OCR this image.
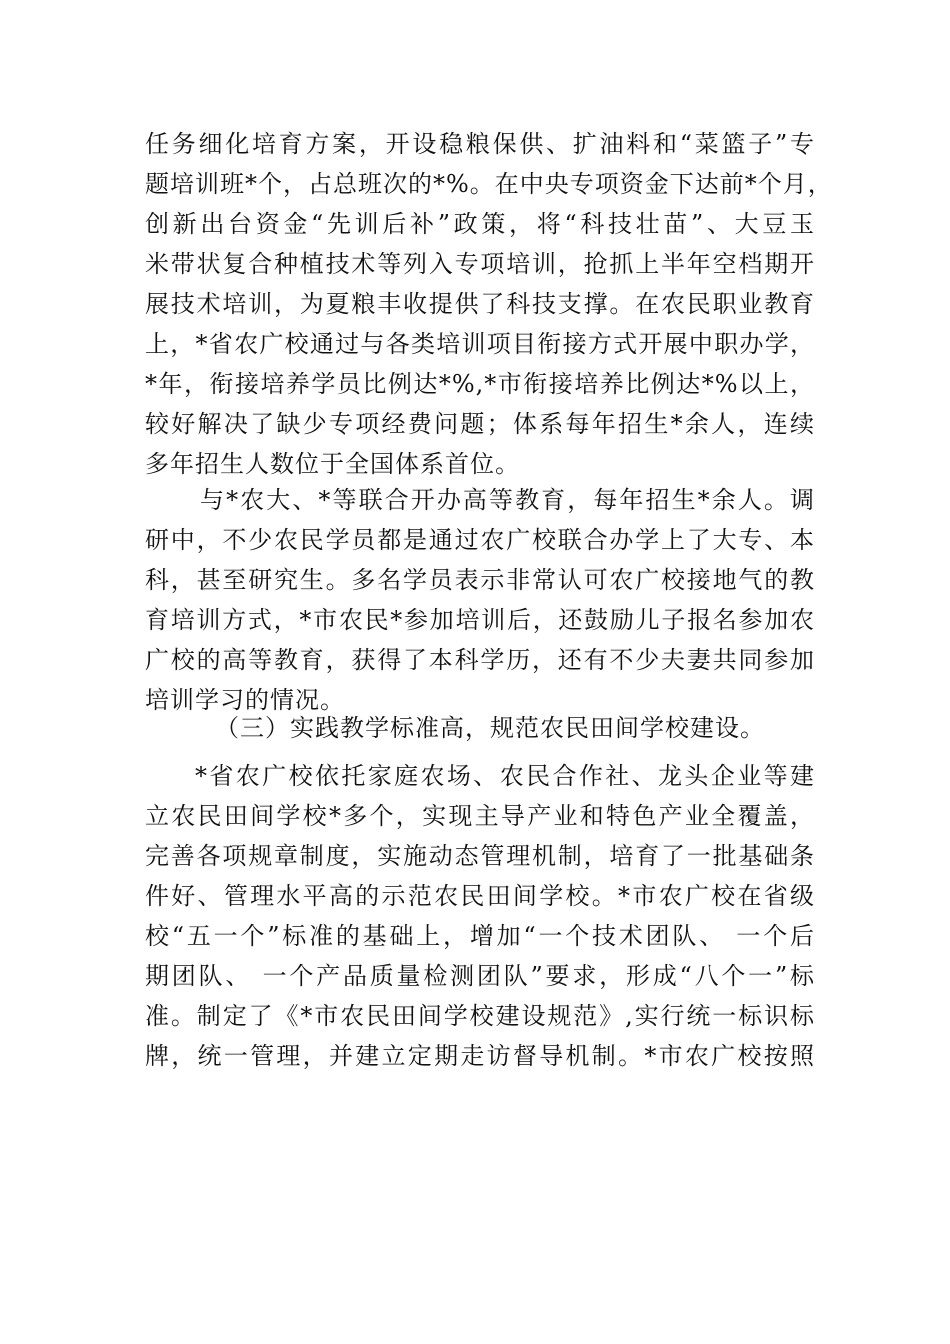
任务细化培育方案，开设稳粮保供、扩油料和“菜篮子”专
题培训班*个，占总班次的*%。在中央专项资金下达前*个月，
创新出台资金“先训后补”政策，将“科技壮苗”、大豆玉
米带状复合种植技术等列入专项培训，抢抓上半年空档期开
展技术培训，为夏粮丰收提供了科技支撑。在农民职业教育
上，*省农广校通过与各类培训项目衔接方式开展中职办学，
*年，衔接培养学员比例达*%,*市衔接培养比例达*%以上，
较好解决了缺少专项经费问题；体系每年招生*余人，连续
多年招生人数位于全国体系首位。
与*农大、*等联合开办高等教育，每年招生*余人。调
研中，不少农民学员都是通过农广校联合办学上了大专、本
科，甚至研究生。多名学员表示非常认可农广校接地气的教
育培训方式，*市农民*参加培训后，还鼓励儿子报名参加农
广校的高等教育，获得了本科学历，还有不少夫妻共同参加
培训学习的情况。
（三）实践教学标准高，规范农民田间学校建设。
*省农广校依托家庭农场、农民合作社、龙头企业等建
立农民田间学校*多个，实现主导产业和特色产业全覆盖，
完善各项规章制度，实施动态管理机制，培育了一批基础条
件好、管理水平高的示范农民田间学校。*市农广校在省级
校“五一个”标准的基础上，增加“一个技术团队、 一个后
期团队、 一个产品质量检测团队”要求，形成“八个一”标
准。制定了《*市农民田间学校建设规范》,实行统一标识标
牌，统一管理，并建立定期走访督导机制。*市农广校按照
